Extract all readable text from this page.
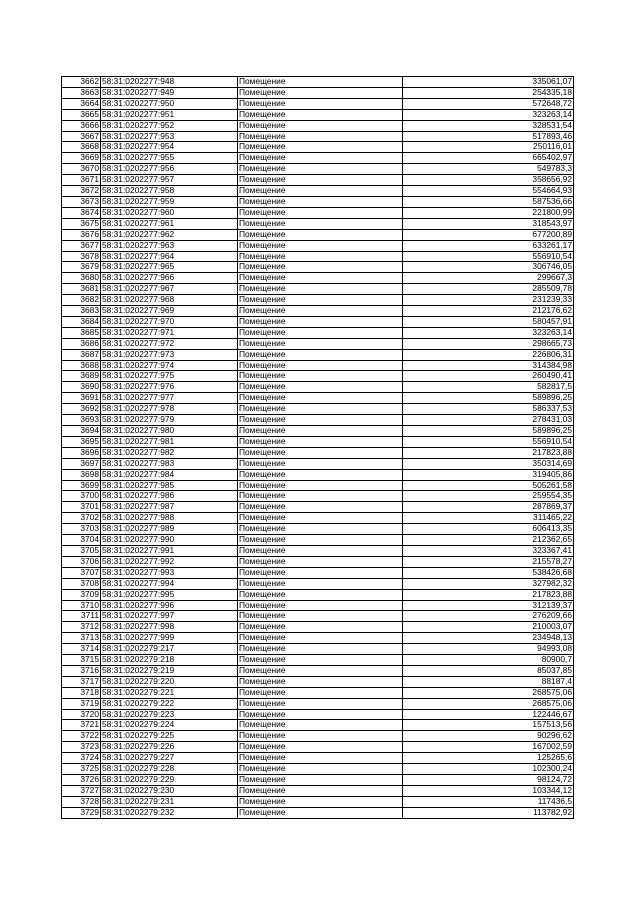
3662	58:31:0202277:948	Помещение	335061,07
3663	58:31:0202277:949	Помещение	254335,18
3664	58:31:0202277:950	Помещение	572648,72
3665	58:31:0202277:951	Помещение	323263,14
3666	58:31:0202277:952	Помещение	328531,54
3667	58:31:0202277:953	Помещение	517893,46
3668	58:31:0202277:954	Помещение	250116,01
3669	58:31:0202277:955	Помещение	665402,97
3670	58:31:0202277:956	Помещение	549783,3
3671	58:31:0202277:957	Помещение	358656,92
3672	58:31:0202277:958	Помещение	554664,93
3673	58:31:0202277:959	Помещение	587536,66
3674	58:31:0202277:960	Помещение	221800,99
3675	58:31:0202277:961	Помещение	318543,97
3676	58:31:0202277:962	Помещение	677200,89
3677	58:31:0202277:963	Помещение	633261,17
3678	58:31:0202277:964	Помещение	556910,54
3679	58:31:0202277:965	Помещение	306746,05
3680	58:31:0202277:966	Помещение	299667,3
3681	58:31:0202277:967	Помещение	285509,78
3682	58:31:0202277:968	Помещение	231239,33
3683	58:31:0202277:969	Помещение	212176,62
3684	58:31:0202277:970	Помещение	580457,91
3685	58:31:0202277:971	Помещение	323263,14
3686	58:31:0202277:972	Помещение	298665,73
3687	58:31:0202277:973	Помещение	226806,31
3688	58:31:0202277:974	Помещение	314384,98
3689	58:31:0202277:975	Помещение	260490,41
3690	58:31:0202277:976	Помещение	582817,5
3691	58:31:0202277:977	Помещение	589896,25
3692	58:31:0202277:978	Помещение	586337,53
3693	58:31:0202277:979	Помещение	278431,03
3694	58:31:0202277:980	Помещение	589896,25
3695	58:31:0202277:981	Помещение	556910,54
3696	58:31:0202277:982	Помещение	217823,88
3697	58:31:0202277:983	Помещение	350314,69
3698	58:31:0202277:984	Помещение	319405,86
3699	58:31:0202277:985	Помещение	505261,58
3700	58:31:0202277:986	Помещение	259554,35
3701	58:31:0202277:987	Помещение	287869,37
3702	58:31:0202277:988	Помещение	311465,22
3703	58:31:0202277:989	Помещение	606413,35
3704	58:31:0202277:990	Помещение	212362,65
3705	58:31:0202277:991	Помещение	323367,41
3706	58:31:0202277:992	Помещение	215578,27
3707	58:31:0202277:993	Помещение	538426,68
3708	58:31:0202277:994	Помещение	327982,32
3709	58:31:0202277:995	Помещение	217823,88
3710	58:31:0202277:996	Помещение	312139,37
3711	58:31:0202277:997	Помещение	276209,66
3712	58:31:0202277:998	Помещение	210003,07
3713	58:31:0202277:999	Помещение	234948,13
3714	58:31:0202279:217	Помещение	94993,08
3715	58:31:0202279:218	Помещение	80900,7
3716	58:31:0202279:219	Помещение	85037,85
3717	58:31:0202279:220	Помещение	88187,4
3718	58:31:0202279:221	Помещение	268575,06
3719	58:31:0202279:222	Помещение	268575,06
3720	58:31:0202279:223	Помещение	122446,67
3721	58:31:0202279:224	Помещение	157513,56
3722	58:31:0202279:225	Помещение	90296,62
3723	58:31:0202279:226	Помещение	167002,59
3724	58:31:0202279:227	Помещение	125265,6
3725	58:31:0202279:228	Помещение	102300,24
3726	58:31:0202279:229	Помещение	98124,72
3727	58:31:0202279:230	Помещение	103344,12
3728	58:31:0202279:231	Помещение	117436,5
3729	58:31:0202279:232	Помещение	113782,92
